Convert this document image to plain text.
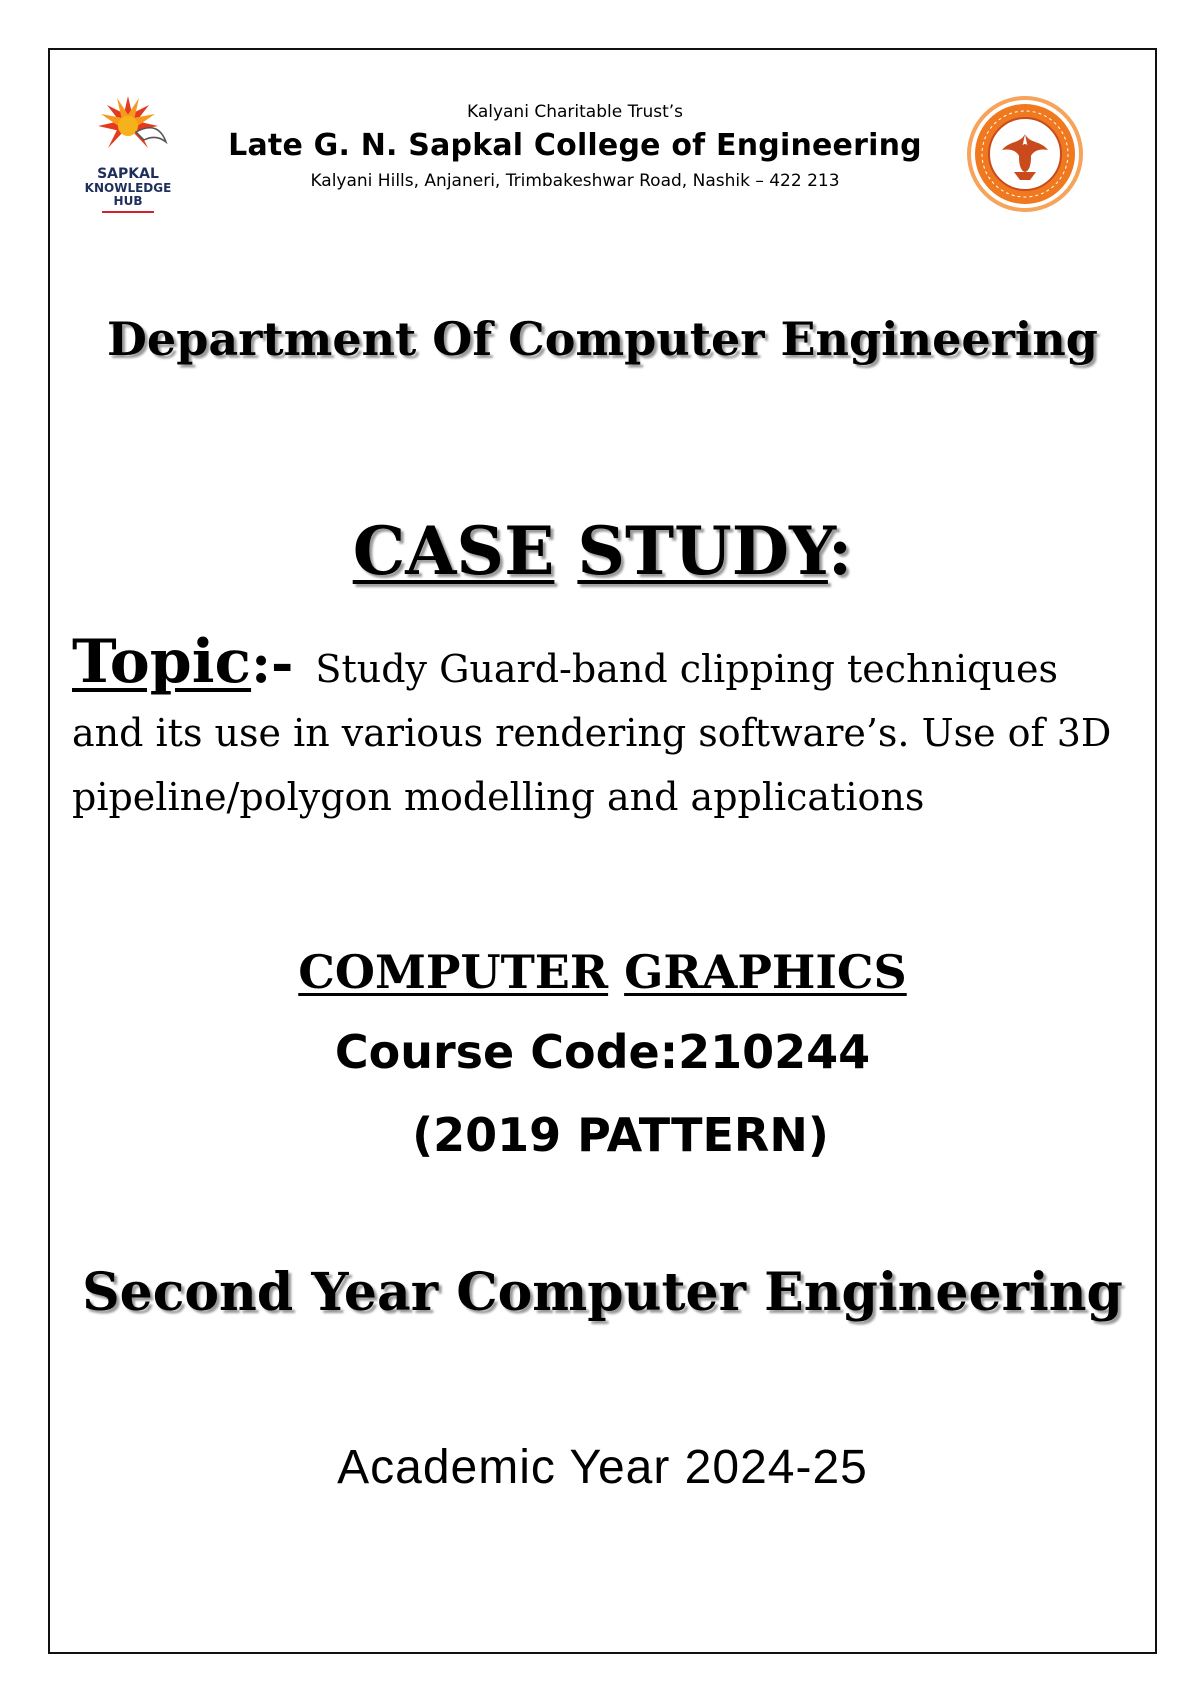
SAPKAL
KNOWLEDGE
HUB

Kalyani Charitable Trust’s

Late G. N. Sapkal College of Engineering

Kalyani Hills, Anjaneri, Trimbakeshwar Road, Nashik – 422 213

Department Of Computer Engineering

CASE STUDY:

Topic:- Study Guard-band clipping techniques and its use in various rendering software’s. Use of 3D pipeline/polygon modelling and applications

COMPUTER GRAPHICS

Course Code:210244

(2019 PATTERN)

Second Year Computer Engineering

Academic Year 2024-25
